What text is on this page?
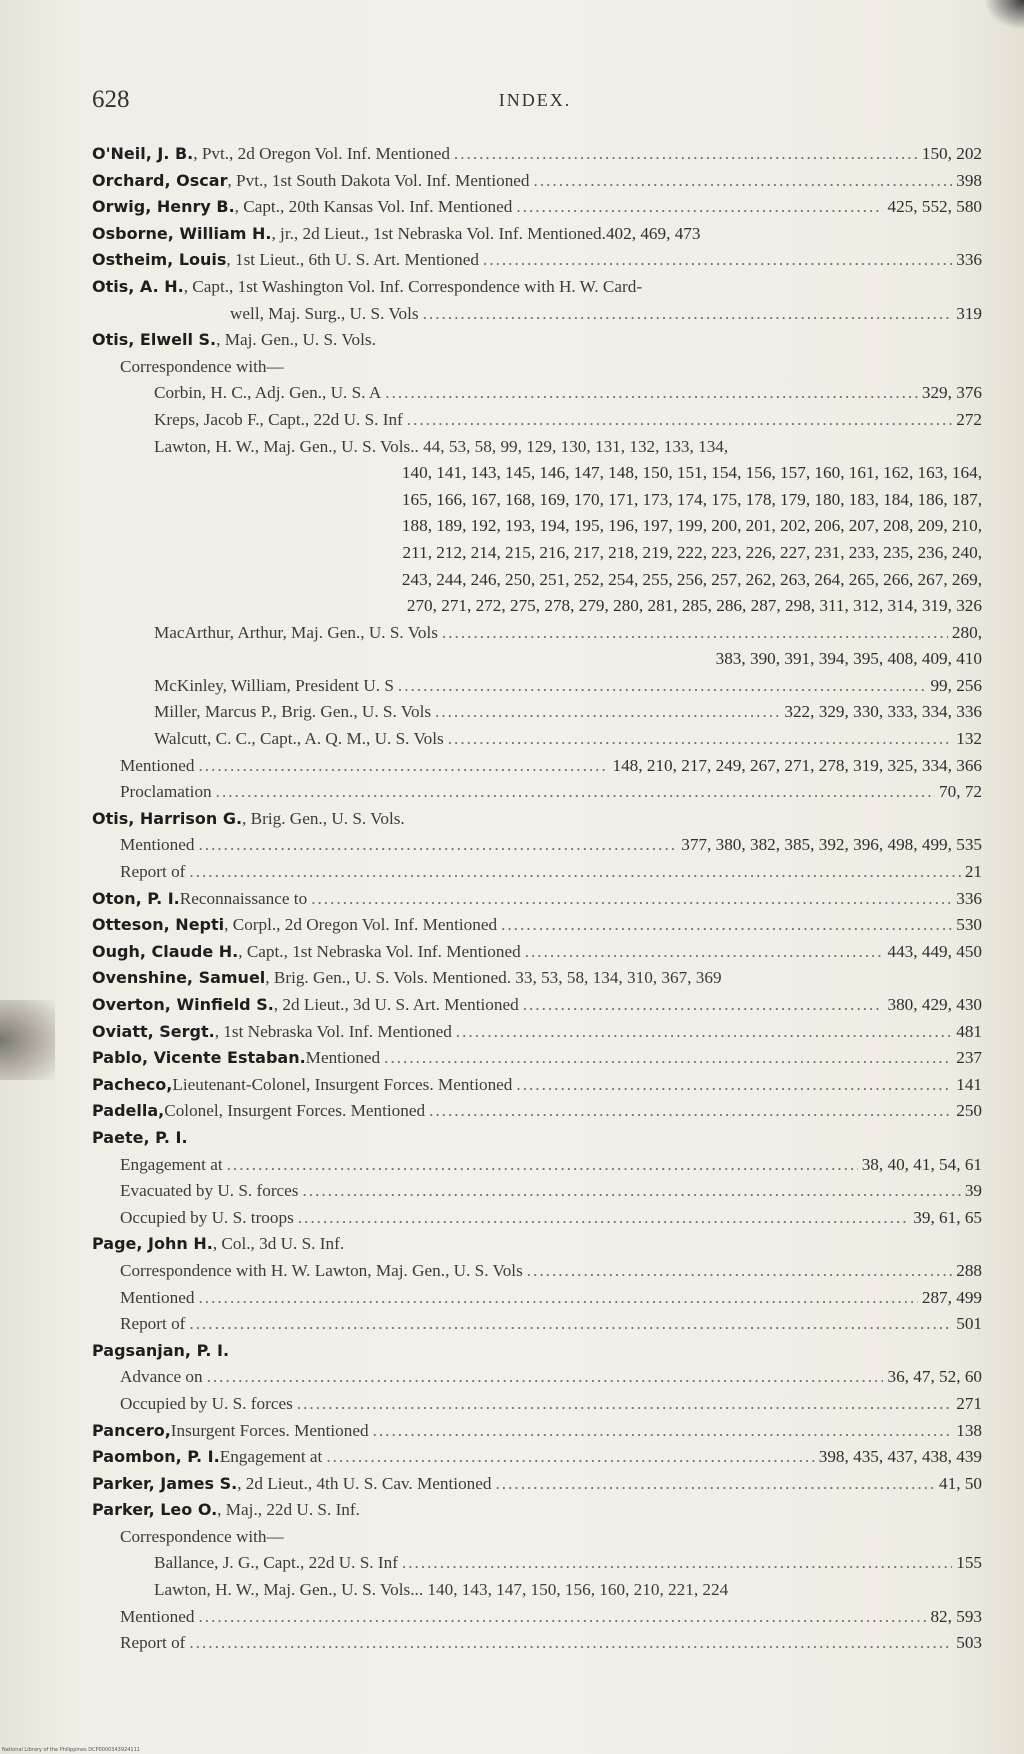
628	INDEX.
O'Neil, J. B. , Pvt., 2d Oregon Vol. Inf. Mentioned .....	150, 202
Orchard, Oscar , Pvt., 1st South Dakota Vol. Inf. Mentioned .....	398
Orwig, Henry B. , Capt., 20th Kansas Vol. Inf. Mentioned .....	425, 552, 580
Osborne, William H. , jr., 2d Lieut., 1st Nebraska Vol. Inf. Mentioned. 402, 469, 473
Ostheim, Louis , 1st Lieut., 6th U. S. Art. Mentioned .....	336
Otis, A. H. , Capt., 1st Washington Vol. Inf. Correspondence with H. W. Card-
well, Maj. Surg., U. S. Vols .....	319
Otis, Elwell S. , Maj. Gen., U. S. Vols.
Correspondence with—
Corbin, H. C., Adj. Gen., U. S. A .....	329, 376
Kreps, Jacob F., Capt., 22d U. S. Inf .....	272
Lawton, H. W., Maj. Gen., U. S. Vols.. 44, 53, 58, 99, 129, 130, 131, 132, 133, 134,
140, 141, 143, 145, 146, 147, 148, 150, 151, 154, 156, 157, 160, 161, 162, 163, 164,
165, 166, 167, 168, 169, 170, 171, 173, 174, 175, 178, 179, 180, 183, 184, 186, 187,
188, 189, 192, 193, 194, 195, 196, 197, 199, 200, 201, 202, 206, 207, 208, 209, 210,
211, 212, 214, 215, 216, 217, 218, 219, 222, 223, 226, 227, 231, 233, 235, 236, 240,
243, 244, 246, 250, 251, 252, 254, 255, 256, 257, 262, 263, 264, 265, 266, 267, 269,
270, 271, 272, 275, 278, 279, 280, 281, 285, 286, 287, 298, 311, 312, 314, 319, 326
MacArthur, Arthur, Maj. Gen., U. S. Vols .....	280,
383, 390, 391, 394, 395, 408, 409, 410
McKinley, William, President U. S .....	99, 256
Miller, Marcus P., Brig. Gen., U. S. Vols .....	322, 329, 330, 333, 334, 336
Walcutt, C. C., Capt., A. Q. M., U. S. Vols .....	132
Mentioned .....	148, 210, 217, 249, 267, 271, 278, 319, 325, 334, 366
Proclamation .....	70, 72
Otis, Harrison G. , Brig. Gen., U. S. Vols.
Mentioned .....	377, 380, 382, 385, 392, 396, 498, 499, 535
Report of .....	21
Oton, P. I. Reconnaissance to .....	336
Otteson, Nepti , Corpl., 2d Oregon Vol. Inf. Mentioned .....	530
Ough, Claude H. , Capt., 1st Nebraska Vol. Inf. Mentioned .....	443, 449, 450
Ovenshine, Samuel , Brig. Gen., U. S. Vols. Mentioned. 33, 53, 58, 134, 310, 367, 369
Overton, Winfield S. , 2d Lieut., 3d U. S. Art. Mentioned .....	380, 429, 430
Oviatt, Sergt. , 1st Nebraska Vol. Inf. Mentioned .....	481
Pablo, Vicente Estaban. Mentioned .....	237
Pacheco, Lieutenant-Colonel, Insurgent Forces. Mentioned .....	141
Padella, Colonel, Insurgent Forces. Mentioned .....	250
Paete, P. I.
Engagement at .....	38, 40, 41, 54, 61
Evacuated by U. S. forces .....	39
Occupied by U. S. troops .....	39, 61, 65
Page, John H. , Col., 3d U. S. Inf.
Correspondence with H. W. Lawton, Maj. Gen., U. S. Vols .....	288
Mentioned .....	287, 499
Report of .....	501
Pagsanjan, P. I.
Advance on .....	36, 47, 52, 60
Occupied by U. S. forces .....	271
Pancero, Insurgent Forces. Mentioned .....	138
Paombon, P. I. Engagement at .....	398, 435, 437, 438, 439
Parker, James S. , 2d Lieut., 4th U. S. Cav. Mentioned .....	41, 50
Parker, Leo O. , Maj., 22d U. S. Inf.
Correspondence with—
Ballance, J. G., Capt., 22d U. S. Inf .....	155
Lawton, H. W., Maj. Gen., U. S. Vols... 140, 143, 147, 150, 156, 160, 210, 221, 224
Mentioned .....	82, 593
Report of .....	503
National Library of the Philippines DCP0000343924111
